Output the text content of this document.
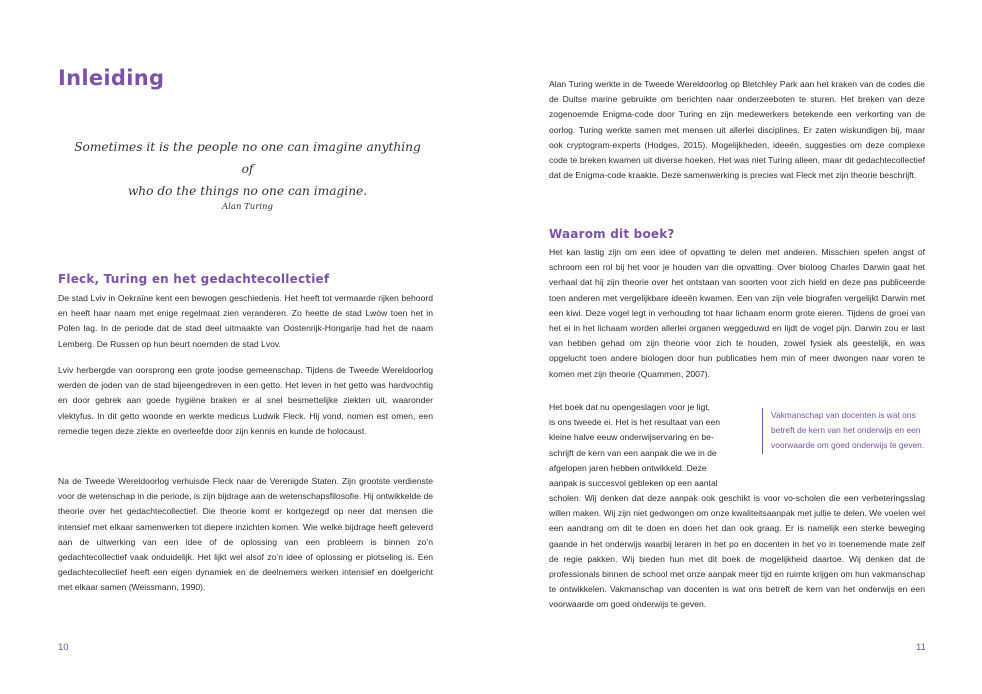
Inleiding
Sometimes it is the people no one can imagine anything of
who do the things no one can imagine.

Alan Turing

Fleck, Turing en het gedachtecollectief

De stad Lviv in Oekraïne kent een bewogen geschiedenis. Het heeft tot vermaarde rijken behoord en heeft haar naam met enige regelmaat zien veranderen. Zo heette de stad Lwów toen het in Polen lag. In de periode dat de stad deel uitmaakte van Oostenrijk-Hongarije had het de naam Lemberg. De Russen op hun beurt noemden de stad Lvov.

Lviv herbergde van oorsprong een grote joodse gemeenschap. Tijdens de Tweede Wereldoorlog werden de joden van de stad bijeengedreven in een getto. Het leven in het getto was hardvochtig en door gebrek aan goede hygiëne braken er al snel besmettelijke ziekten uit, waaronder vlektyfus. In dit getto woonde en werkte medicus Ludwik Fleck. Hij vond, nomen est omen, een remedie tegen deze ziekte en overleefde door zijn kennis en kunde de holocaust.

Na de Tweede Wereldoorlog verhuisde Fleck naar de Verenigde Staten. Zijn grootste verdienste voor de wetenschap in die periode, is zijn bijdrage aan de wetenschapsfilosofie. Hij ontwikkelde de theorie over het gedachtecollectief. Die theorie komt er kortgezegd op neer dat mensen die intensief met elkaar samenwerken tot diepere inzichten komen. Wie welke bijdrage heeft geleverd aan de uitwerking van een idee of de oplossing van een probleem is binnen zo’n gedachtecollectief vaak onduidelijk. Het lijkt wel alsof zo’n idee of oplossing er plotseling is. Een gedachtecollectief heeft een eigen dynamiek en de deelnemers werken intensief en doelgericht met elkaar samen (Weissmann, 1990).

10

Alan Turing werkte in de Tweede Wereldoorlog op Bletchley Park aan het kraken van de codes die de Duitse marine gebruikte om berichten naar onderzeeboten te sturen. Het breken van deze zogenoemde Enigma-code door Turing en zijn medewerkers betekende een verkorting van de oorlog. Turing werkte samen met mensen uit allerlei disciplines. Er zaten wiskundigen bij, maar ook cryptogram-experts (Hodges, 2015). Mogelijkheden, ideeën, suggesties om deze complexe code te breken kwamen uit diverse hoeken. Het was niet Turing alleen, maar dit gedachtecollectief dat de Enigma-code kraakte. Deze samenwerking is precies wat Fleck met zijn theorie beschrijft.

Waarom dit boek?

Het kan lastig zijn om een idee of opvatting te delen met anderen. Misschien spelen angst of schroom een rol bij het voor je houden van die opvatting. Over bioloog Charles Darwin gaat het verhaal dat hij zijn theorie over het ontstaan van soorten voor zich hield en deze pas publiceerde toen anderen met vergelijkbare ideeën kwamen. Een van zijn vele biografen vergelijkt Darwin met een kiwi. Deze vogel legt in verhouding tot haar lichaam enorm grote eieren. Tijdens de groei van het ei in het lichaam worden allerlei organen weggeduwd en lijdt de vogel pijn. Darwin zou er last van hebben gehad om zijn theorie voor zich te houden, zowel fysiek als geestelijk, en was opgelucht toen andere biologen door hun publicaties hem min of meer dwongen naar voren te komen met zijn theorie (Quammen, 2007).

Het boek dat nu opengeslagen voor je ligt,
is ons tweede ei. Het is het resultaat van een
kleine halve eeuw onderwijservaring en be-
schrijft de kern van een aanpak die we in de
afgelopen jaren hebben ontwikkeld. Deze
aanpak is succesvol gebleken op een aantal

Vakmanschap van docenten is wat ons betreft de kern van het onderwijs en een voorwaarde om goed onderwijs te geven.

scholen. Wij denken dat deze aanpak ook geschikt is voor vo-scholen die een verbeteringsslag willen maken. Wij zijn niet gedwongen om onze kwaliteitsaanpak met jullie te delen. We voelen wel een aandrang om dit te doen en doen het dan ook graag. Er is namelijk een sterke beweging gaande in het onderwijs waarbij leraren in het po en docenten in het vo in toenemende mate zelf de regie pakken. Wij bieden hun met dit boek de mogelijkheid daartoe. Wij denken dat de professionals binnen de school met onze aanpak meer tijd en ruimte krijgen om hun vakmanschap te ontwikkelen. Vakmanschap van docenten is wat ons betreft de kern van het onderwijs en een voorwaarde om goed onderwijs te geven.

11
